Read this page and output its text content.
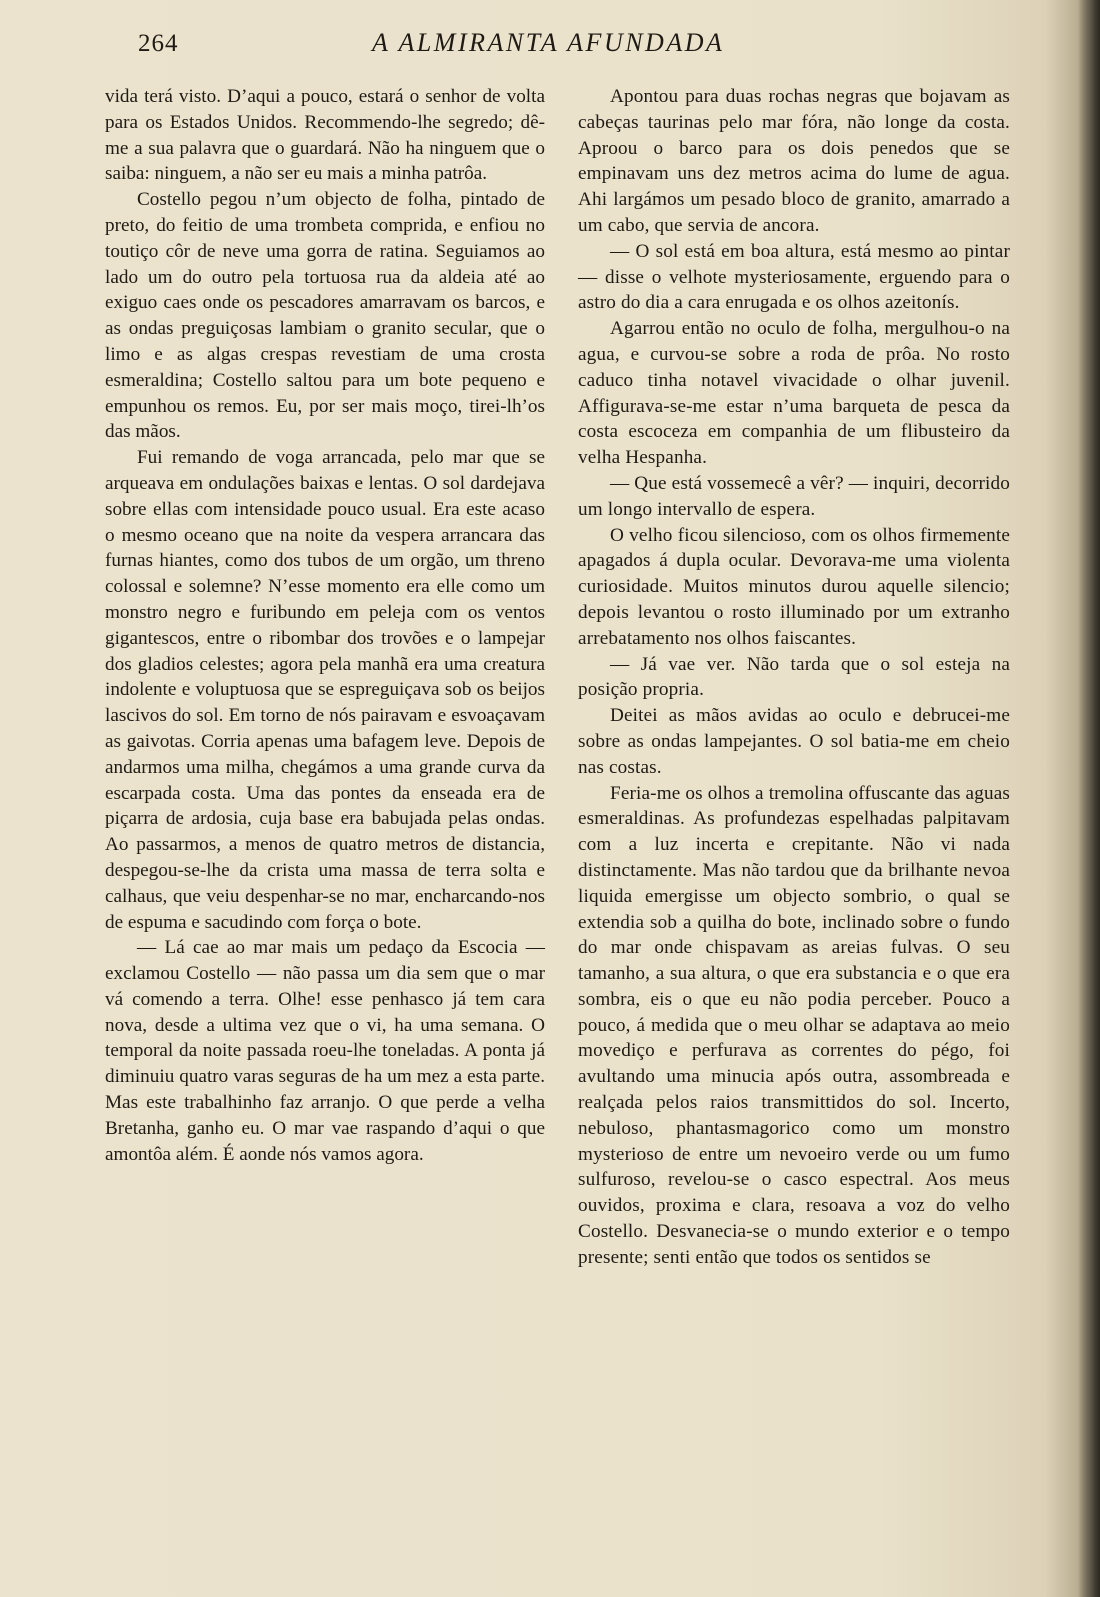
264	A ALMIRANTA AFUNDADA

vida terá visto. D’aqui a pouco, estará o senhor de volta para os Estados Unidos. Recommendo-lhe segredo; dê-me a sua palavra que o guardará. Não ha ninguem que o saiba: ninguem, a não ser eu mais a minha patrôa.

Costello pegou n’um objecto de folha, pintado de preto, do feitio de uma trombeta comprida, e enfiou no toutiço côr de neve uma gorra de ratina. Seguiamos ao lado um do outro pela tortuosa rua da aldeia até ao exiguo caes onde os pescadores amarravam os barcos, e as ondas preguiçosas lambiam o granito secular, que o limo e as algas crespas revestiam de uma crosta esmeraldina; Costello saltou para um bote pequeno e empunhou os remos. Eu, por ser mais moço, tirei-lh’os das mãos.

Fui remando de voga arrancada, pelo mar que se arqueava em ondulações baixas e lentas. O sol dardejava sobre ellas com intensidade pouco usual. Era este acaso o mesmo oceano que na noite da vespera arrancara das furnas hiantes, como dos tubos de um orgão, um threno colossal e solemne? N’esse momento era elle como um monstro negro e furibundo em peleja com os ventos gigantescos, entre o ribombar dos trovões e o lampejar dos gladios celestes; agora pela manhã era uma creatura indolente e voluptuosa que se espreguiçava sob os beijos lascivos do sol. Em torno de nós pairavam e esvoaçavam as gaivotas. Corria apenas uma bafagem leve. Depois de andarmos uma milha, chegámos a uma grande curva da escarpada costa. Uma das pontes da enseada era de piçarra de ardosia, cuja base era babujada pelas ondas. Ao passarmos, a menos de quatro metros de distancia, despegou-se-lhe da crista uma massa de terra solta e calhaus, que veiu despenhar-se no mar, encharcando-nos de espuma e sacudindo com força o bote.

— Lá cae ao mar mais um pedaço da Escocia — exclamou Costello — não passa um dia sem que o mar vá comendo a terra. Olhe! esse penhasco já tem cara nova, desde a ultima vez que o vi, ha uma semana. O temporal da noite passada roeu-lhe toneladas. A ponta já diminuiu quatro varas seguras de ha um mez a esta parte. Mas este trabalhinho faz arranjo. O que perde a velha Bretanha, ganho eu. O mar vae raspando d’aqui o que amontôa além. É aonde nós vamos agora.

Apontou para duas rochas negras que bojavam as cabeças taurinas pelo mar fóra, não longe da costa. Aproou o barco para os dois penedos que se empinavam uns dez metros acima do lume de agua. Ahi largámos um pesado bloco de granito, amarrado a um cabo, que servia de ancora.

— O sol está em boa altura, está mesmo ao pintar — disse o velhote mysteriosamente, erguendo para o astro do dia a cara enrugada e os olhos azeitonís.

Agarrou então no oculo de folha, mergulhou-o na agua, e curvou-se sobre a roda de prôa. No rosto caduco tinha notavel vivacidade o olhar juvenil. Affigurava-se-me estar n’uma barqueta de pesca da costa escoceza em companhia de um flibusteiro da velha Hespanha.

— Que está vossemecê a vêr? — inquiri, decorrido um longo intervallo de espera.

O velho ficou silencioso, com os olhos firmemente apagados á dupla ocular. Devorava-me uma violenta curiosidade. Muitos minutos durou aquelle silencio; depois levantou o rosto illuminado por um extranho arrebatamento nos olhos faiscantes.

— Já vae ver. Não tarda que o sol esteja na posição propria.

Deitei as mãos avidas ao oculo e debrucei-me sobre as ondas lampejantes. O sol batia-me em cheio nas costas.

Feria-me os olhos a tremolina offuscante das aguas esmeraldinas. As profundezas espelhadas palpitavam com a luz incerta e crepitante. Não vi nada distinctamente. Mas não tardou que da brilhante nevoa liquida emergisse um objecto sombrio, o qual se extendia sob a quilha do bote, inclinado sobre o fundo do mar onde chispavam as areias fulvas. O seu tamanho, a sua altura, o que era substancia e o que era sombra, eis o que eu não podia perceber. Pouco a pouco, á medida que o meu olhar se adaptava ao meio movediço e perfurava as correntes do pégo, foi avultando uma minucia após outra, assombreada e realçada pelos raios transmittidos do sol. Incerto, nebuloso, phantasmagorico como um monstro mysterioso de entre um nevoeiro verde ou um fumo sulfuroso, revelou-se o casco espectral. Aos meus ouvidos, proxima e clara, resoava a voz do velho Costello. Desvanecia-se o mundo exterior e o tempo presente; senti então que todos os sentidos se
